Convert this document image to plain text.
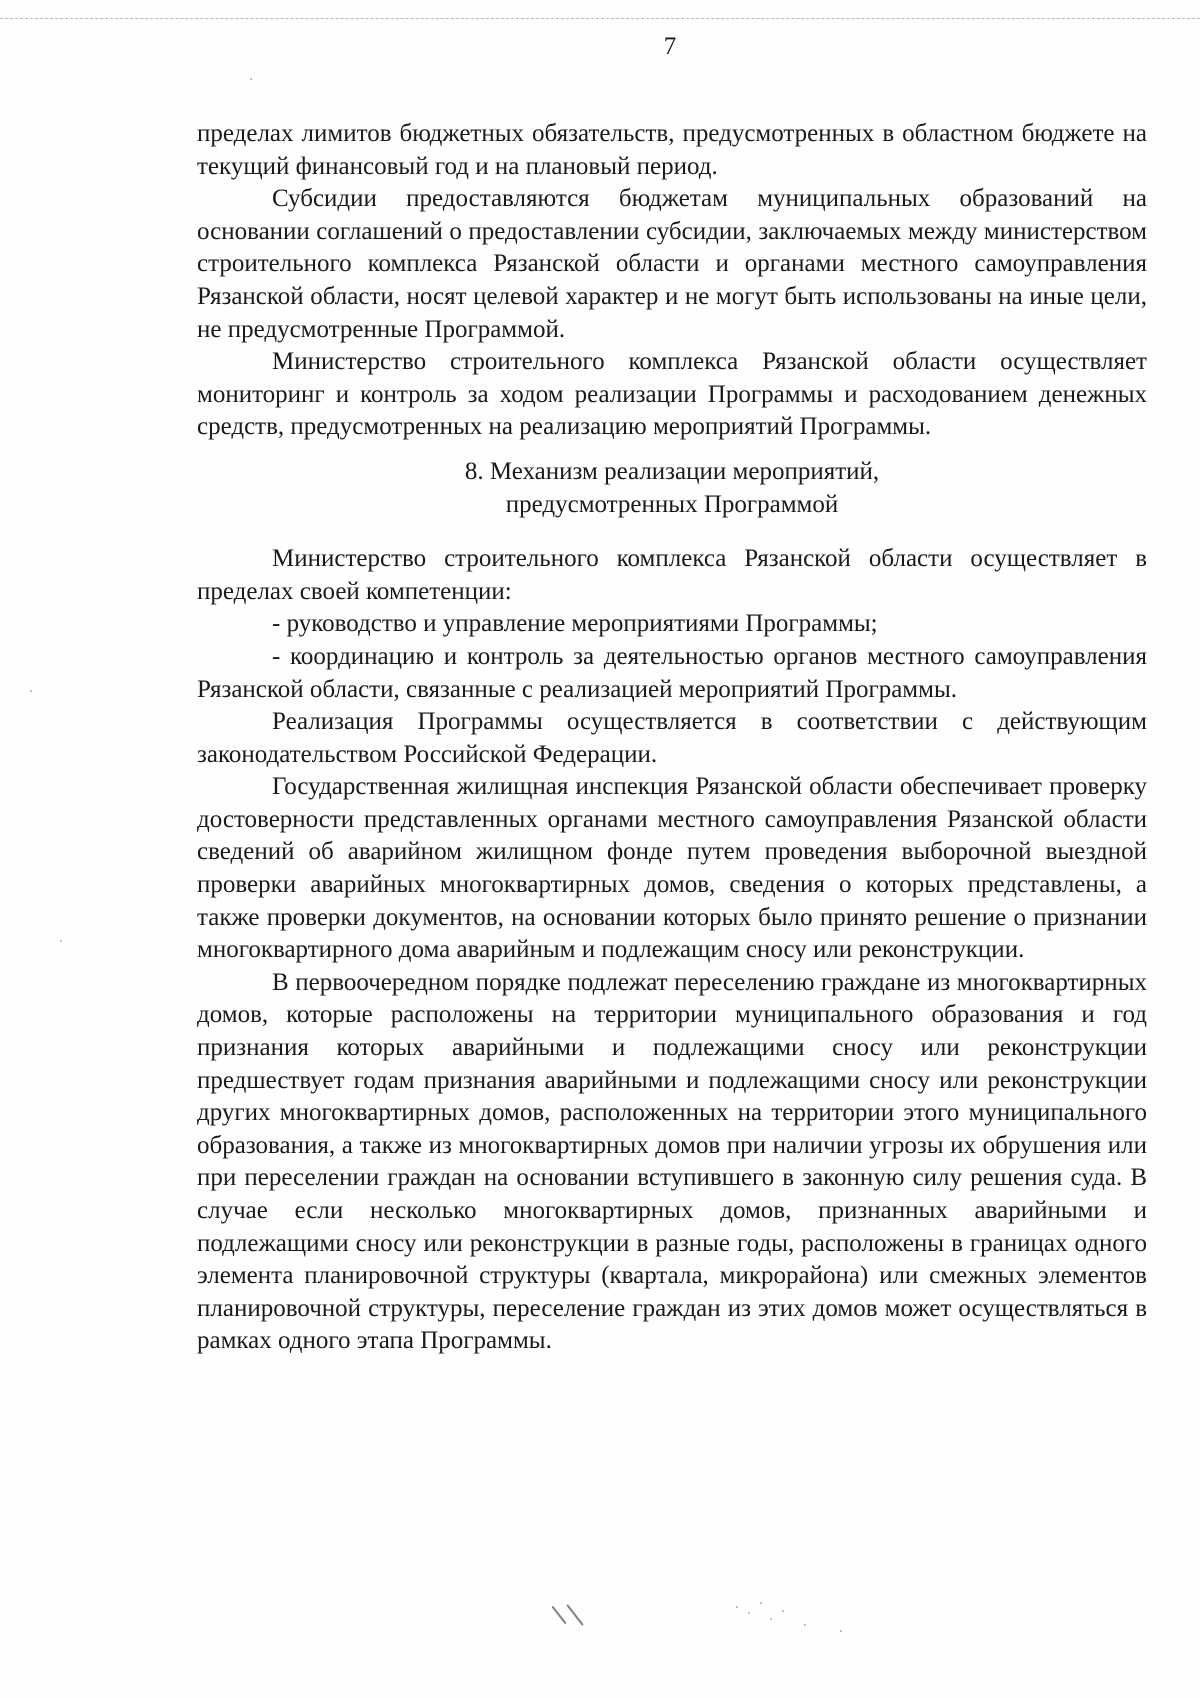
7

пределах лимитов бюджетных обязательств, предусмотренных в областном бюджете на текущий финансовый год и на плановый период.

Субсидии предоставляются бюджетам муниципальных образований на основании соглашений о предоставлении субсидии, заключаемых между министерством строительного комплекса Рязанской области и органами местного самоуправления Рязанской области, носят целевой характер и не могут быть использованы на иные цели, не предусмотренные Программой.

Министерство строительного комплекса Рязанской области осуществляет мониторинг и контроль за ходом реализации Программы и расходованием денежных средств, предусмотренных на реализацию мероприятий Программы.

8. Механизм реализации мероприятий,
предусмотренных Программой

Министерство строительного комплекса Рязанской области осуществляет в пределах своей компетенции:

- руководство и управление мероприятиями Программы;

- координацию и контроль за деятельностью органов местного самоуправления Рязанской области, связанные с реализацией мероприятий Программы.

Реализация Программы осуществляется в соответствии с действующим законодательством Российской Федерации.

Государственная жилищная инспекция Рязанской области обеспечивает проверку достоверности представленных органами местного самоуправления Рязанской области сведений об аварийном жилищном фонде путем проведения выборочной выездной проверки аварийных многоквартирных домов, сведения о которых представлены, а также проверки документов, на основании которых было принято решение о признании многоквартирного дома аварийным и подлежащим сносу или реконструкции.

В первоочередном порядке подлежат переселению граждане из многоквартирных домов, которые расположены на территории муниципального образования и год признания которых аварийными и подлежащими сносу или реконструкции предшествует годам признания аварийными и подлежащими сносу или реконструкции других многоквартирных домов, расположенных на территории этого муниципального образования, а также из многоквартирных домов при наличии угрозы их обрушения или при переселении граждан на основании вступившего в законную силу решения суда. В случае если несколько многоквартирных домов, признанных аварийными и подлежащими сносу или реконструкции в разные годы, расположены в границах одного элемента планировочной структуры (квартала, микрорайона) или смежных элементов планировочной структуры, переселение граждан из этих домов может осуществляться в рамках одного этапа Программы.
